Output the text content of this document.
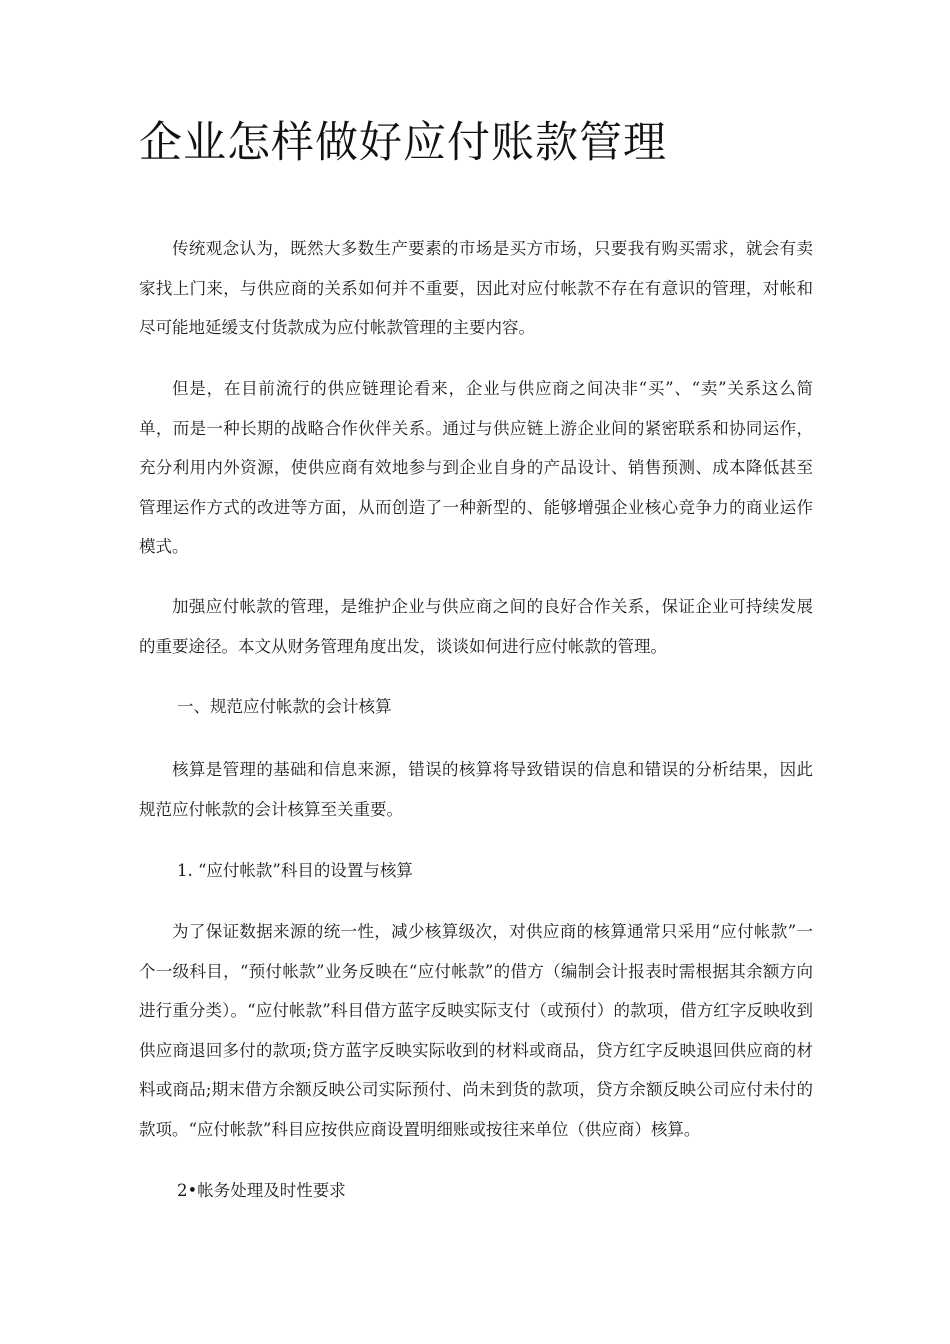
企业怎样做好应付账款管理

传统观念认为，既然大多数生产要素的市场是买方市场，只要我有购买需求，就会有卖家找上门来，与供应商的关系如何并不重要，因此对应付帐款不存在有意识的管理，对帐和尽可能地延缓支付货款成为应付帐款管理的主要内容。

但是，在目前流行的供应链理论看来，企业与供应商之间决非“买”、“卖”关系这么简单，而是一种长期的战略合作伙伴关系。通过与供应链上游企业间的紧密联系和协同运作，充分利用内外资源，使供应商有效地参与到企业自身的产品设计、销售预测、成本降低甚至管理运作方式的改进等方面，从而创造了一种新型的、能够增强企业核心竞争力的商业运作模式。

加强应付帐款的管理，是维护企业与供应商之间的良好合作关系，保证企业可持续发展的重要途径。本文从财务管理角度出发，谈谈如何进行应付帐款的管理。

一、规范应付帐款的会计核算

核算是管理的基础和信息来源，错误的核算将导致错误的信息和错误的分析结果，因此规范应付帐款的会计核算至关重要。

1. “应付帐款”科目的设置与核算

为了保证数据来源的统一性，减少核算级次，对供应商的核算通常只采用“应付帐款”一个一级科目，“预付帐款”业务反映在“应付帐款”的借方（编制会计报表时需根据其余额方向进行重分类）。“应付帐款”科目借方蓝字反映实际支付（或预付）的款项，借方红字反映收到供应商退回多付的款项;贷方蓝字反映实际收到的材料或商品，贷方红字反映退回供应商的材料或商品;期末借方余额反映公司实际预付、尚未到货的款项，贷方余额反映公司应付未付的款项。“应付帐款”科目应按供应商设置明细账或按往来单位（供应商）核算。

2•帐务处理及时性要求
